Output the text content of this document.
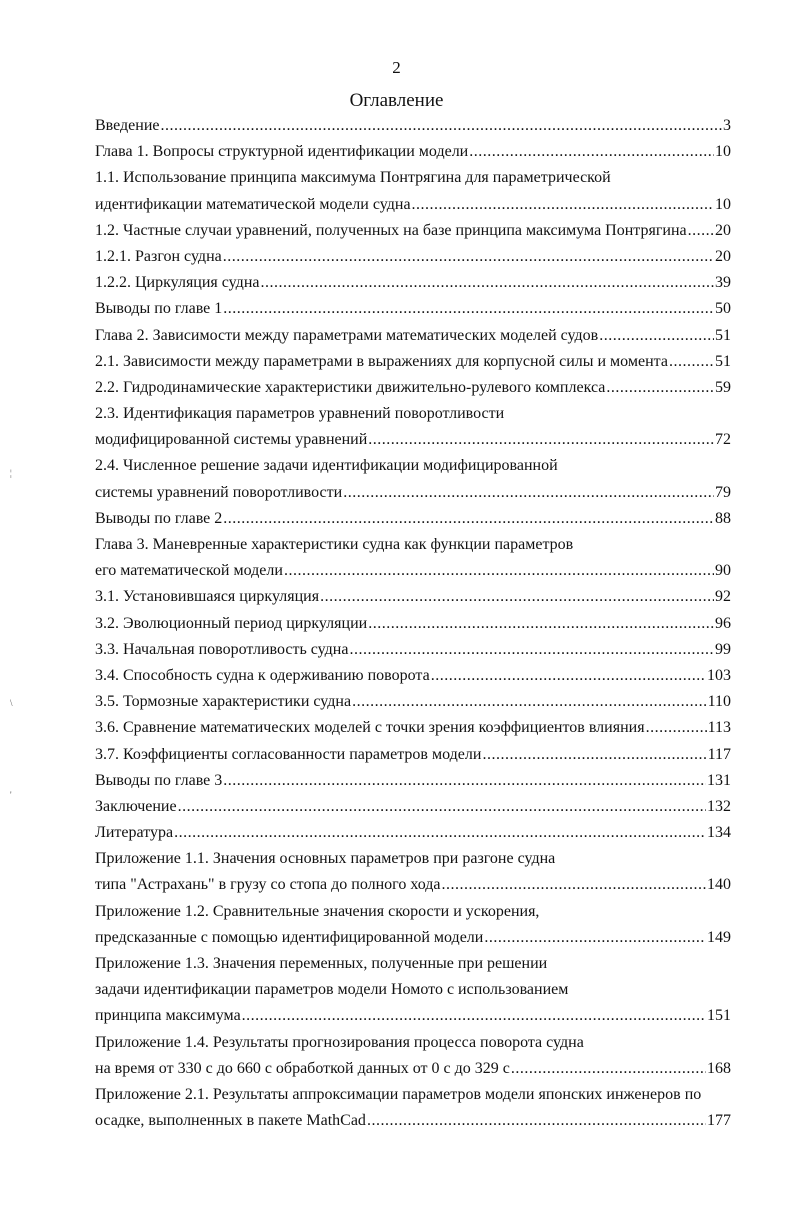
2
Оглавление
¦
\
'
Введение .....	3
Глава 1. Вопросы структурной идентификации модели .....	10
1.1. Использование принципа максимума Понтрягина для параметрической
идентификации математической модели судна .....	10
1.2. Частные случаи уравнений, полученных на базе принципа максимума Понтрягина ..... 20
1.2.1. Разгон судна .....	20
1.2.2. Циркуляция судна .....	39
Выводы по главе 1 .....	50
Глава 2. Зависимости между параметрами математических моделей судов .....	51
2.1. Зависимости между параметрами в выражениях для корпусной силы и момента .....	51
2.2. Гидродинамические характеристики движительно-рулевого комплекса .....	59
2.3. Идентификация параметров уравнений поворотливости
модифицированной системы уравнений .....	72
2.4. Численное решение задачи идентификации модифицированной
системы уравнений поворотливости .....	79
Выводы по главе 2 .....	88
Глава 3. Маневренные характеристики судна как функции параметров
его математической модели .....	90
3.1. Установившаяся циркуляция .....	92
3.2. Эволюционный период циркуляции .....	96
3.3. Начальная поворотливость судна .....	99
3.4. Способность судна к одерживанию поворота .....	103
3.5. Тормозные характеристики судна .....	110
3.6. Сравнение математических моделей с точки зрения коэффициентов влияния .....	113
3.7. Коэффициенты согласованности параметров модели .....	117
Выводы по главе 3 .....	131
Заключение .....	132
Литература .....	134
Приложение 1.1. Значения основных параметров при разгоне судна
типа "Астрахань" в грузу со стопа до полного хода .....	140
Приложение 1.2. Сравнительные значения скорости и ускорения,
предсказанные с помощью идентифицированной модели .....	149
Приложение 1.3. Значения переменных, полученные при решении
задачи идентификации параметров модели Номото с использованием
принципа максимума .....	151
Приложение 1.4. Результаты прогнозирования процесса поворота судна
на время от 330 с до 660 с обработкой данных от 0 с до 329 с .....	168
Приложение 2.1. Результаты аппроксимации параметров модели японских инженеров по
осадке, выполненных в пакете MathCad .....	177
